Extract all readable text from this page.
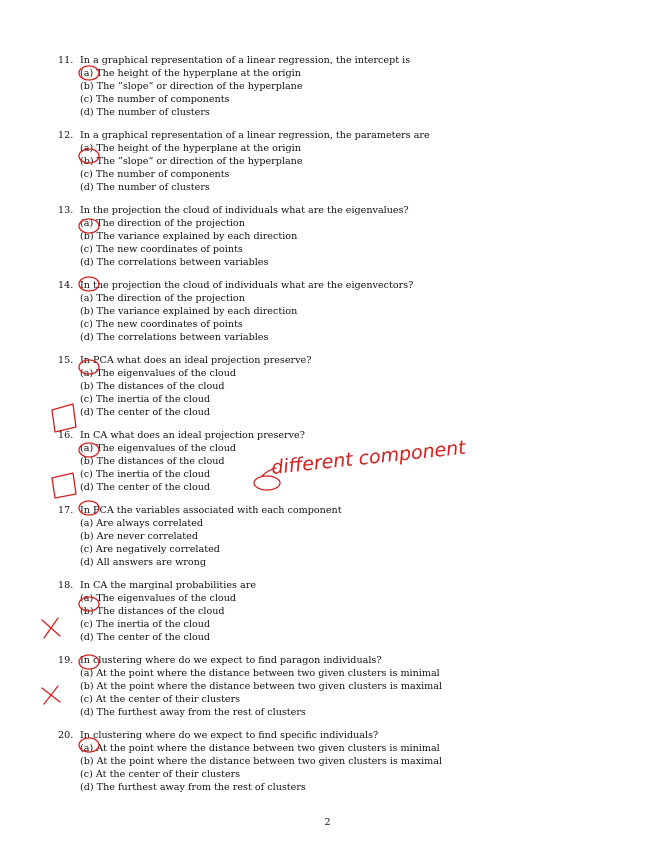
11. In a graphical representation of a linear regression, the intercept is
(a) The height of the hyperplane at the origin
(b) The ”slope” or direction of the hyperplane
(c) The number of components
(d) The number of clusters
12. In a graphical representation of a linear regression, the parameters are
(a) The height of the hyperplane at the origin
(b) The ”slope” or direction of the hyperplane
(c) The number of components
(d) The number of clusters
13. In the projection the cloud of individuals what are the eigenvalues?
(a) The direction of the projection
(b) The variance explained by each direction
(c) The new coordinates of points
(d) The correlations between variables
14. In the projection the cloud of individuals what are the eigenvectors?
(a) The direction of the projection
(b) The variance explained by each direction
(c) The new coordinates of points
(d) The correlations between variables
15. In PCA what does an ideal projection preserve?
(a) The eigenvalues of the cloud
(b) The distances of the cloud
(c) The inertia of the cloud
(d) The center of the cloud
16. In CA what does an ideal projection preserve?
(a) The eigenvalues of the cloud
(b) The distances of the cloud
(c) The inertia of the cloud
(d) The center of the cloud
17. In PCA the variables associated with each component
(a) Are always correlated
(b) Are never correlated
(c) Are negatively correlated
(d) All answers are wrong
18. In CA the marginal probabilities are
(a) The eigenvalues of the cloud
(b) The distances of the cloud
(c) The inertia of the cloud
(d) The center of the cloud
19. In clustering where do we expect to find paragon individuals?
(a) At the point where the distance between two given clusters is minimal
(b) At the point where the distance between two given clusters is maximal
(c) At the center of their clusters
(d) The furthest away from the rest of clusters
20. In clustering where do we expect to find specific individuals?
(a) At the point where the distance between two given clusters is minimal
(b) At the point where the distance between two given clusters is maximal
(c) At the center of their clusters
(d) The furthest away from the rest of clusters
2
different component
